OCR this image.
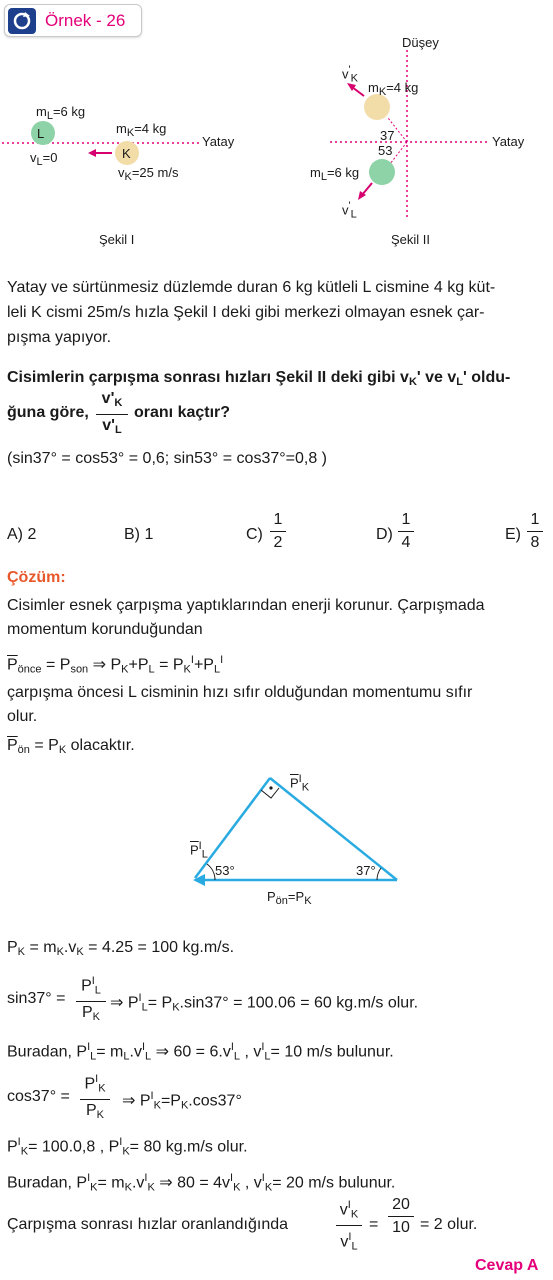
Örnek - 26
L
K
$m_L=6$ kg
$v_L=0$
$m_K=4$ kg
$v_K=25$ m/s
Yatay
Şekil I
Düşey
$v'_K$
$m_K=4$ kg
37
53
Yatay
$m_L=6$ kg
$v'_L$
Şekil II
Yatay ve sürtünmesiz düzlemde duran 6 kg kütleli L cismine 4 kg küt-
leli K cismi 25m/s hızla Şekil I deki gibi merkezi olmayan esnek çar-
pışma yapıyor.
Cisimlerin çarpışma sonrası hızları Şekil II deki gibi $v_K'$ ve $v_L'$ oldu-
ğuna göre,
$v'_K$
$v'_L$
oranı kaçtır?
(sin37° = cos53° = 0,6; sin53° = cos37°=0,8 )
A) 2	B) 1	C)
1
2	D)
1
4	E)
1
8
Çözüm:
Cisimler esnek çarpışma yaptıklarından enerji korunur. Çarpışmada
momentum korunduğundan
$\overline{P}_{önce} = P_{son}$ ⇒ $P_K+P_L = P_K^I+P_L^I$
çarpışma öncesi L cisminin hızı sıfır olduğundan momentumu sıfır
olur.
$\overline{P}_{ön} = P_K$ olacaktır.
$\overline{P}^I_K$
$\overline{P}^I_L$
53°	37°
$P_{ön}=P_K$
$P_K = m_K.v_K = 4.25 = 100$ kg.m/s.
sin37° =
$P^I_L$
$P_K$
⇒ $P^I_L= P_K.\sin 37^\circ = 100.06 = 60$ kg.m/s olur.
Buradan, $P^I_L= m_L.v^I_L$ ⇒ $60 = 6.v^I_L$ , $v^I_L= 10$ m/s bulunur.
cos37° =
$P^I_K$
$P_K$
⇒ $P^I_K=P_K.\cos 37^\circ$
$P^I_K= 100.0,8$ , $P^I_K= 80$ kg.m/s olur.
Buradan, $P^I_K= m_K.v^I_K$ ⇒ $80 = 4v^I_K$ , $v^I_K= 20$ m/s bulunur.
Çarpışma sonrası hızlar oranlandığında
$v^I_K$
$v^I_L$
=
20
10 = 2 olur.
Cevap A
